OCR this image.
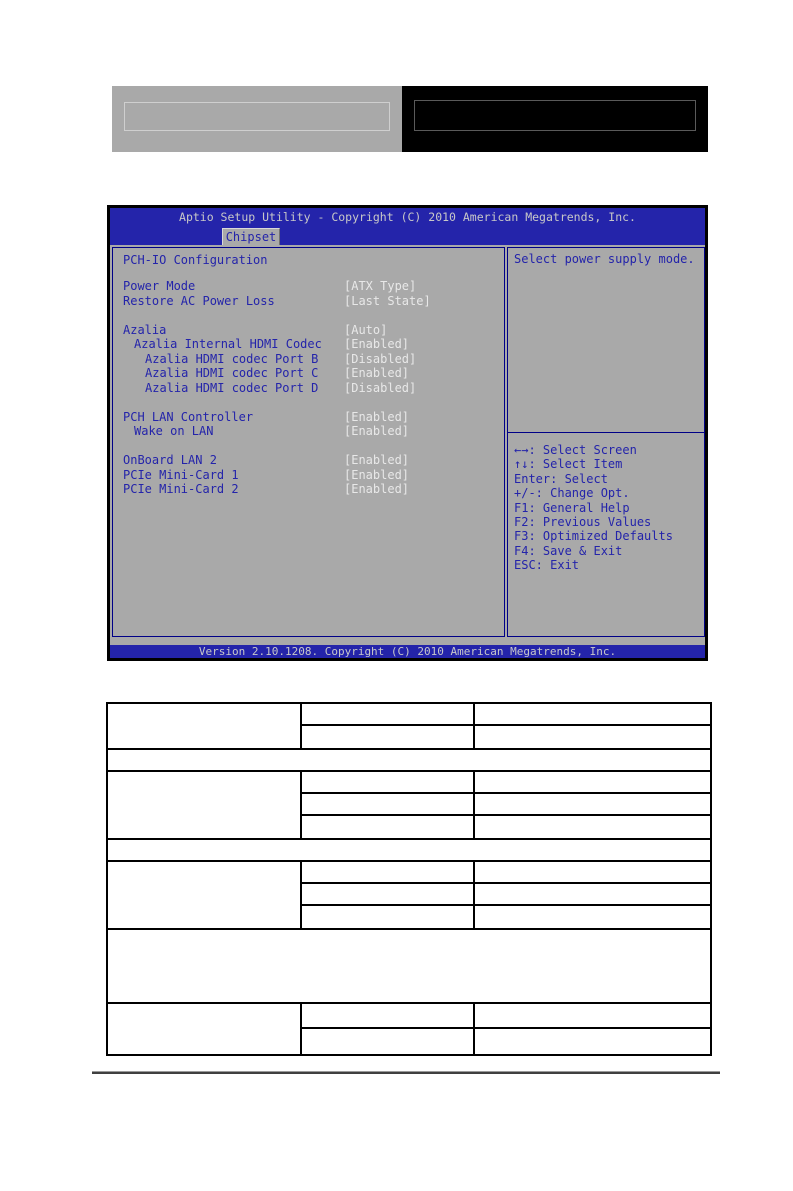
Aptio Setup Utility - Copyright (C) 2010 American Megatrends, Inc.
Chipset
PCH-IO Configuration
Power Mode	[ATX Type]
Restore AC Power Loss	[Last State]
Azalia	[Auto]
Azalia Internal HDMI Codec [Enabled]
Azalia HDMI codec Port B [Disabled]
Azalia HDMI codec Port C [Enabled]
Azalia HDMI codec Port D [Disabled]
PCH LAN Controller	[Enabled]
Wake on LAN	[Enabled]
OnBoard LAN 2	[Enabled]
PCIe Mini-Card 1	[Enabled]
PCIe Mini-Card 2	[Enabled]
Select power supply mode.
←→: Select Screen
↑↓: Select Item
Enter: Select
+/-: Change Opt.
F1: General Help
F2: Previous Values
F3: Optimized Defaults
F4: Save & Exit
ESC: Exit
Version 2.10.1208. Copyright (C) 2010 American Megatrends, Inc.
